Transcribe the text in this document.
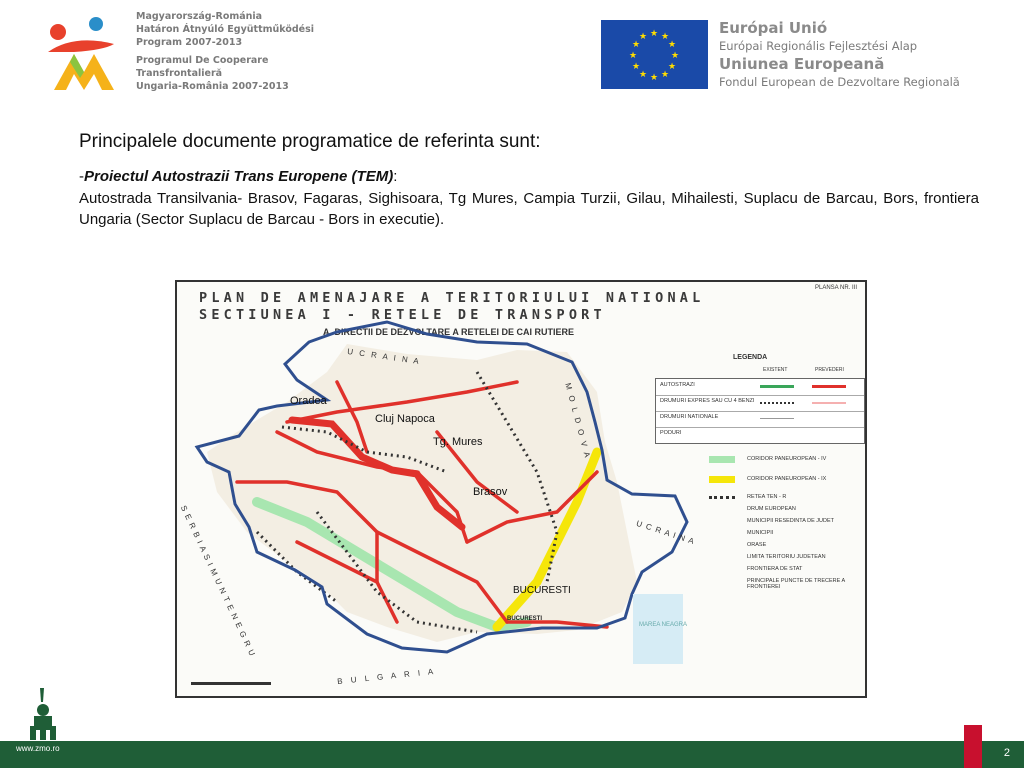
Magyarország-Románia
Határon Átnyúló Együttműködési
Program 2007-2013
Programul De Cooperare
Transfrontalieră
Ungaria-România 2007-2013
★ ★
★
★
★
★
★
★
★
★
★
★	Európai Unió
Európai Regionális Fejlesztési Alap
Uniunea Europeană
Fondul European de Dezvoltare Regională
Principalele documente programatice de referinta sunt:
-Proiectul Autostrazii Trans Europene (TEM):
Autostrada Transilvania- Brasov, Fagaras, Sighisoara, Tg Mures, Campia Turzii, Gilau, Mihailesti, Suplacu de Barcau, Bors, frontiera Ungaria (Sector Suplacu de Barcau - Bors in executie).
PLANSA NR. III
PLAN DE AMENAJARE A TERITORIULUI NATIONAL
SECTIUNEA I - RETELE DE TRANSPORT
A. DIRECTII DE DEZVOLTARE A RETELEI DE CAI RUTIERE
U C R A I N A
M O L D O V A
U C R A I N A
S E R B I A S I M U N T E N E G R U
B U L G A R I A
MAREA NEAGRA
BUCURESTI
LEGENDA
EXISTENT	PREVEDERI
AUTOSTRAZI
DRUMURI EXPRES SAU CU 4 BENZI
DRUMURI NATIONALE
PODURI
CORIDOR PANEUROPEAN - IV
CORIDOR PANEUROPEAN - IX
RETEA TEN - R
DRUM EUROPEAN
MUNICIPII RESEDINTA DE JUDET
MUNICIPII
ORASE
LIMITA TERITORIU JUDETEAN
FRONTIERA DE STAT
PRINCIPALE PUNCTE DE TRECERE A FRONTIEREI
Oradea
Cluj Napoca
Tg. Mures
Brasov
BUCURESTI
www.zmo.ro	2
